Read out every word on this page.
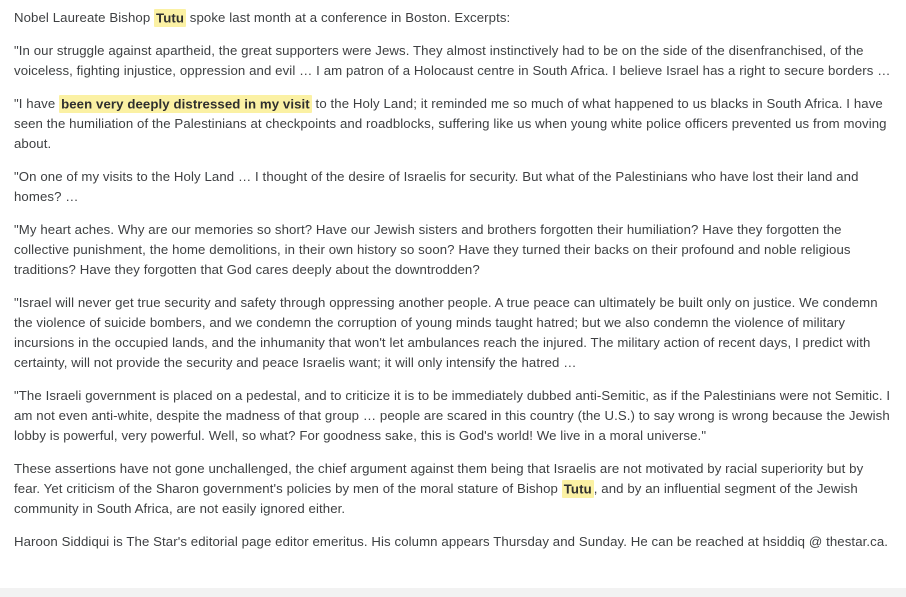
Nobel Laureate Bishop Tutu spoke last month at a conference in Boston. Excerpts:

"In our struggle against apartheid, the great supporters were Jews. They almost instinctively had to be on the side of the disenfranchised, of the voiceless, fighting injustice, oppression and evil … I am patron of a Holocaust centre in South Africa. I believe Israel has a right to secure borders …

"I have been very deeply distressed in my visit to the Holy Land; it reminded me so much of what happened to us blacks in South Africa. I have seen the humiliation of the Palestinians at checkpoints and roadblocks, suffering like us when young white police officers prevented us from moving about.

"On one of my visits to the Holy Land … I thought of the desire of Israelis for security. But what of the Palestinians who have lost their land and homes? …

"My heart aches. Why are our memories so short? Have our Jewish sisters and brothers forgotten their humiliation? Have they forgotten the collective punishment, the home demolitions, in their own history so soon? Have they turned their backs on their profound and noble religious traditions? Have they forgotten that God cares deeply about the downtrodden?

"Israel will never get true security and safety through oppressing another people. A true peace can ultimately be built only on justice. We condemn the violence of suicide bombers, and we condemn the corruption of young minds taught hatred; but we also condemn the violence of military incursions in the occupied lands, and the inhumanity that won't let ambulances reach the injured. The military action of recent days, I predict with certainty, will not provide the security and peace Israelis want; it will only intensify the hatred …

"The Israeli government is placed on a pedestal, and to criticize it is to be immediately dubbed anti-Semitic, as if the Palestinians were not Semitic. I am not even anti-white, despite the madness of that group … people are scared in this country (the U.S.) to say wrong is wrong because the Jewish lobby is powerful, very powerful. Well, so what? For goodness sake, this is God's world! We live in a moral universe."

These assertions have not gone unchallenged, the chief argument against them being that Israelis are not motivated by racial superiority but by fear. Yet criticism of the Sharon government's policies by men of the moral stature of Bishop Tutu , and by an influential segment of the Jewish community in South Africa, are not easily ignored either.

Haroon Siddiqui is The Star's editorial page editor emeritus. His column appears Thursday and Sunday. He can be reached at hsiddiq @ thestar.ca.
